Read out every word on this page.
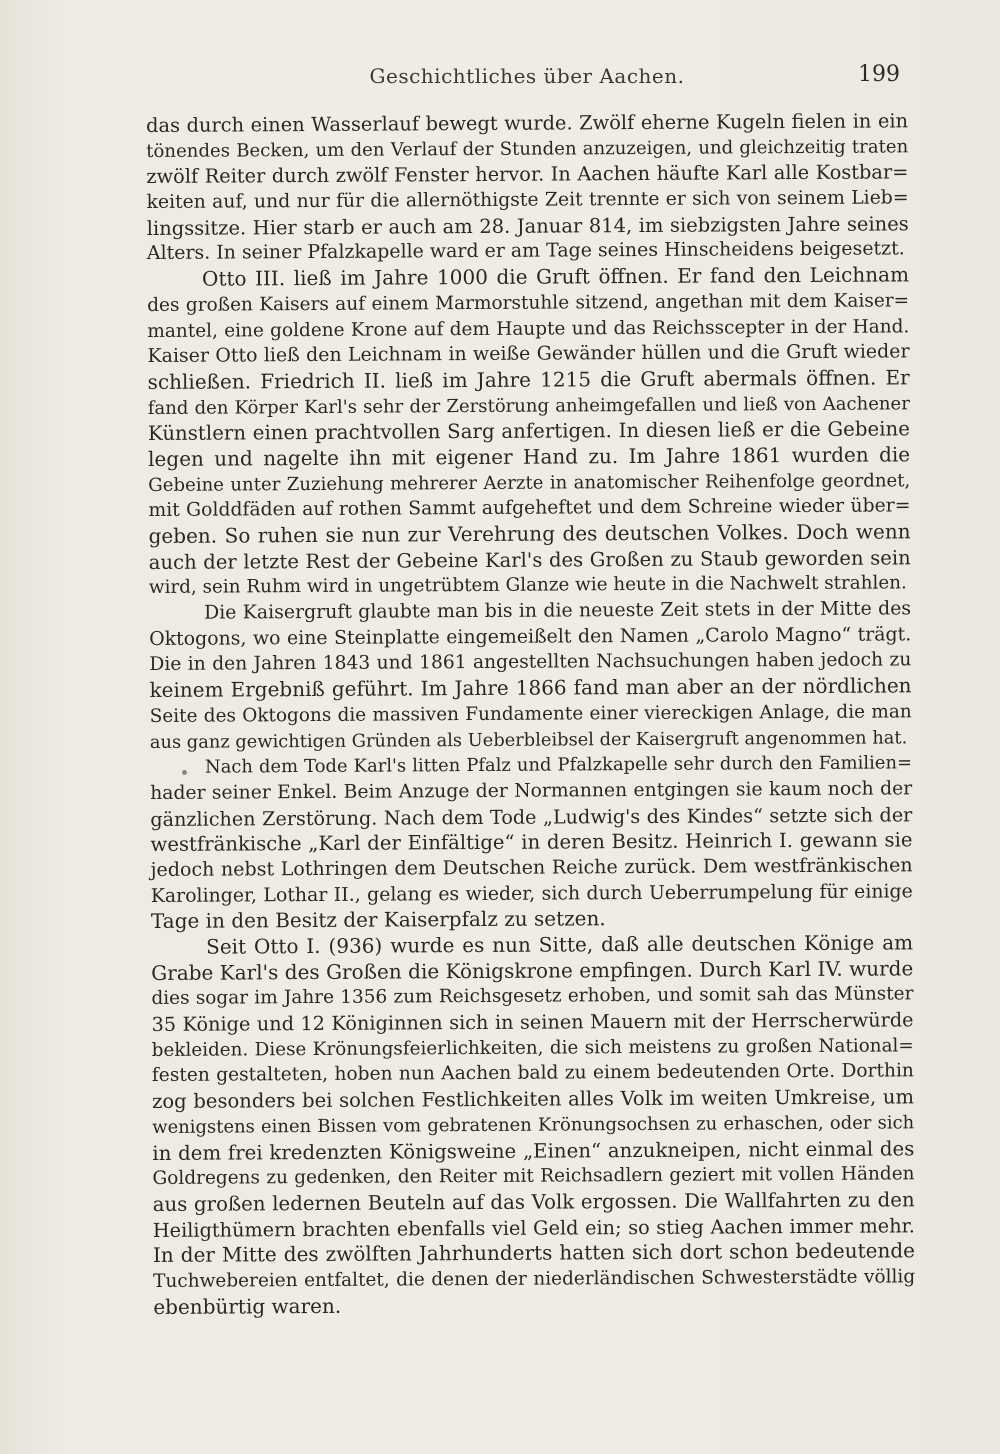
Geschichtliches über Aachen.	199
das durch einen Wasserlauf bewegt wurde. Zwölf eherne Kugeln fielen in ein
tönendes Becken, um den Verlauf der Stunden anzuzeigen, und gleichzeitig traten
zwölf Reiter durch zwölf Fenster hervor. In Aachen häufte Karl alle Kostbar=
keiten auf, und nur für die allernöthigste Zeit trennte er sich von seinem Lieb=
lingssitze. Hier starb er auch am 28. Januar 814, im siebzigsten Jahre seines
Alters. In seiner Pfalzkapelle ward er am Tage seines Hinscheidens beigesetzt.
Otto III. ließ im Jahre 1000 die Gruft öffnen. Er fand den Leichnam
des großen Kaisers auf einem Marmorstuhle sitzend, angethan mit dem Kaiser=
mantel, eine goldene Krone auf dem Haupte und das Reichsscepter in der Hand.
Kaiser Otto ließ den Leichnam in weiße Gewänder hüllen und die Gruft wieder
schließen. Friedrich II. ließ im Jahre 1215 die Gruft abermals öffnen. Er
fand den Körper Karl's sehr der Zerstörung anheimgefallen und ließ von Aachener
Künstlern einen prachtvollen Sarg anfertigen. In diesen ließ er die Gebeine
legen und nagelte ihn mit eigener Hand zu. Im Jahre 1861 wurden die
Gebeine unter Zuziehung mehrerer Aerzte in anatomischer Reihenfolge geordnet,
mit Golddfäden auf rothen Sammt aufgeheftet und dem Schreine wieder über=
geben. So ruhen sie nun zur Verehrung des deutschen Volkes. Doch wenn
auch der letzte Rest der Gebeine Karl's des Großen zu Staub geworden sein
wird, sein Ruhm wird in ungetrübtem Glanze wie heute in die Nachwelt strahlen.
Die Kaisergruft glaubte man bis in die neueste Zeit stets in der Mitte des
Oktogons, wo eine Steinplatte eingemeißelt den Namen „Carolo Magno“ trägt.
Die in den Jahren 1843 und 1861 angestellten Nachsuchungen haben jedoch zu
keinem Ergebniß geführt. Im Jahre 1866 fand man aber an der nördlichen
Seite des Oktogons die massiven Fundamente einer viereckigen Anlage, die man
aus ganz gewichtigen Gründen als Ueberbleibsel der Kaisergruft angenommen hat.
Nach dem Tode Karl's litten Pfalz und Pfalzkapelle sehr durch den Familien=
hader seiner Enkel. Beim Anzuge der Normannen entgingen sie kaum noch der
gänzlichen Zerstörung. Nach dem Tode „Ludwig's des Kindes“ setzte sich der
westfränkische „Karl der Einfältige“ in deren Besitz. Heinrich I. gewann sie
jedoch nebst Lothringen dem Deutschen Reiche zurück. Dem westfränkischen
Karolinger, Lothar II., gelang es wieder, sich durch Ueberrumpelung für einige
Tage in den Besitz der Kaiserpfalz zu setzen.
Seit Otto I. (936) wurde es nun Sitte, daß alle deutschen Könige am
Grabe Karl's des Großen die Königskrone empfingen. Durch Karl IV. wurde
dies sogar im Jahre 1356 zum Reichsgesetz erhoben, und somit sah das Münster
35 Könige und 12 Königinnen sich in seinen Mauern mit der Herrscherwürde
bekleiden. Diese Krönungsfeierlichkeiten, die sich meistens zu großen National=
festen gestalteten, hoben nun Aachen bald zu einem bedeutenden Orte. Dorthin
zog besonders bei solchen Festlichkeiten alles Volk im weiten Umkreise, um
wenigstens einen Bissen vom gebratenen Krönungsochsen zu erhaschen, oder sich
in dem frei kredenzten Königsweine „Einen“ anzukneipen, nicht einmal des
Goldregens zu gedenken, den Reiter mit Reichsadlern geziert mit vollen Händen
aus großen ledernen Beuteln auf das Volk ergossen. Die Wallfahrten zu den
Heiligthümern brachten ebenfalls viel Geld ein; so stieg Aachen immer mehr.
In der Mitte des zwölften Jahrhunderts hatten sich dort schon bedeutende
Tuchwebereien entfaltet, die denen der niederländischen Schwesterstädte völlig
ebenbürtig waren.
